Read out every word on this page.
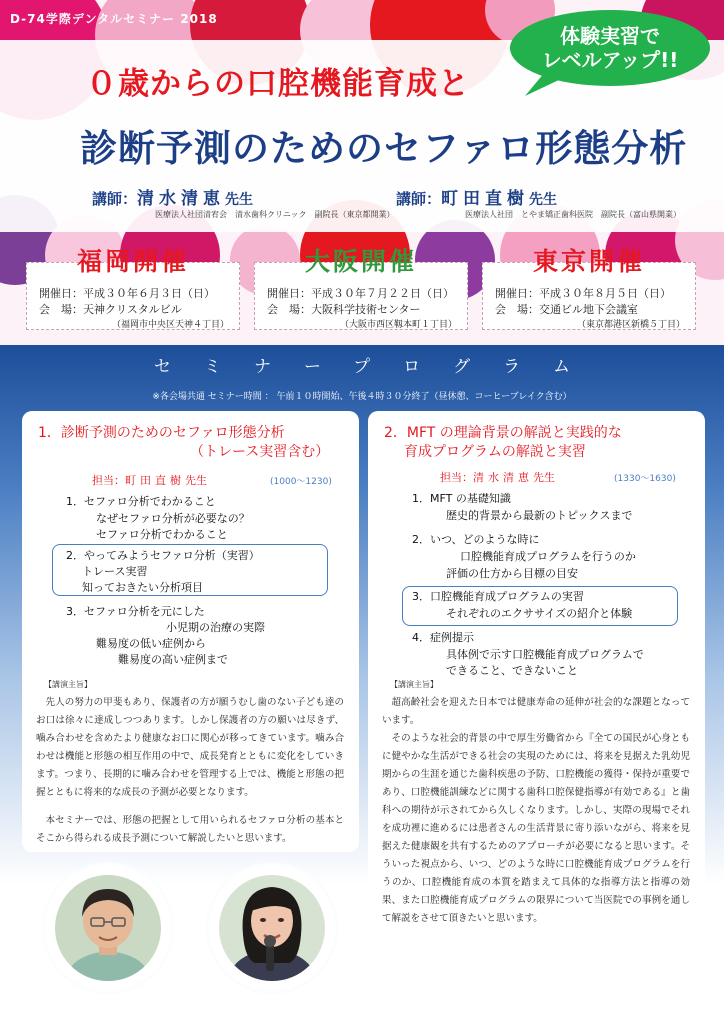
D-74学際デンタルセミナー 2018
０歳からの口腔機能育成と
診断予測のためのセファロ形態分析
体験実習で
レベルアップ!!
講師：清水清恵先生
医療法人社団清宥会　清水歯科クリニック　副院長（東京都開業）
講師：町田直樹先生
医療法人社団　とやま矯正歯科医院　副院長（富山県開業）
福岡開催
開催日：平成３０年６月３日（日）
会　場：天神クリスタルビル
（福岡市中央区天神４丁目）
大阪開催
開催日：平成３０年７月２２日（日）
会　場：大阪科学技術センター
（大阪市西区靱本町１丁目）
東京開催
開催日：平成３０年８月５日（日）
会　場：交通ビル地下会議室
（東京都港区新橋５丁目）
セミナープログラム
※各会場共通 セミナー時間 ： 午前１０時開始、午後４時３０分終了（昼休憩、コーヒーブレイク含む）
1．診断予測のためのセファロ形態分析
（トレース実習含む）
担当：町田直樹先生	(1000～1230)
1．セファロ分析でわかること
なぜセファロ分析が必要なの？
セファロ分析でわかること
2．やってみようセファロ分析（実習）
トレース実習
知っておきたい分析項目
3．セファロ分析を元にした
小児期の治療の実際
難易度の低い症例から
難易度の高い症例まで
【講演主旨】
先人の努力の甲斐もあり、保護者の方が願うむし歯のない子ども達のお口は徐々に達成しつつあります。しかし保護者の方の願いは尽きず、噛み合わせを含めたより健康なお口に関心が移ってきています。噛み合わせは機能と形態の相互作用の中で、成長発育とともに変化をしていきます。つまり、長期的に噛み合わせを管理する上では、機能と形態の把握とともに将来的な成長の予測が必要となります。
本セミナーでは、形態の把握として用いられるセファロ分析の基本とそこから得られる成長予測について解説したいと思います。
2．MFT の理論背景の解説と実践的な
育成プログラムの解説と実習
担当：清水清恵先生	(1330～1630)
1．MFT の基礎知識
歴史的背景から最新のトピックスまで
2．いつ、どのような時に
口腔機能育成プログラムを行うのか
評価の仕方から目標の目安
3．口腔機能育成プログラムの実習
それぞれのエクササイズの紹介と体験
4．症例提示
具体例で示す口腔機能育成プログラムで
できること、できないこと
【講演主旨】
超高齢社会を迎えた日本では健康寿命の延伸が社会的な課題となっています。
そのような社会的背景の中で厚生労働省から『全ての国民が心身ともに健やかな生活ができる社会の実現のためには、将来を見据えた乳幼児期からの生涯を通じた歯科疾患の予防、口腔機能の獲得・保持が重要であり、口腔機能訓練などに関する歯科口腔保健指導が有効である』と歯科への期待が示されてから久しくなります。しかし、実際の現場でそれを成功裡に進めるには患者さんの生活背景に寄り添いながら、将来を見据えた健康観を共有するためのアプローチが必要になると思います。そういった視点から、いつ、どのような時に口腔機能育成プログラムを行うのか、口腔機能育成の本質を踏まえて具体的な指導方法と指導の効果、また口腔機能育成プログラムの限界について当医院での事例を通して解説をさせて頂きたいと思います。
